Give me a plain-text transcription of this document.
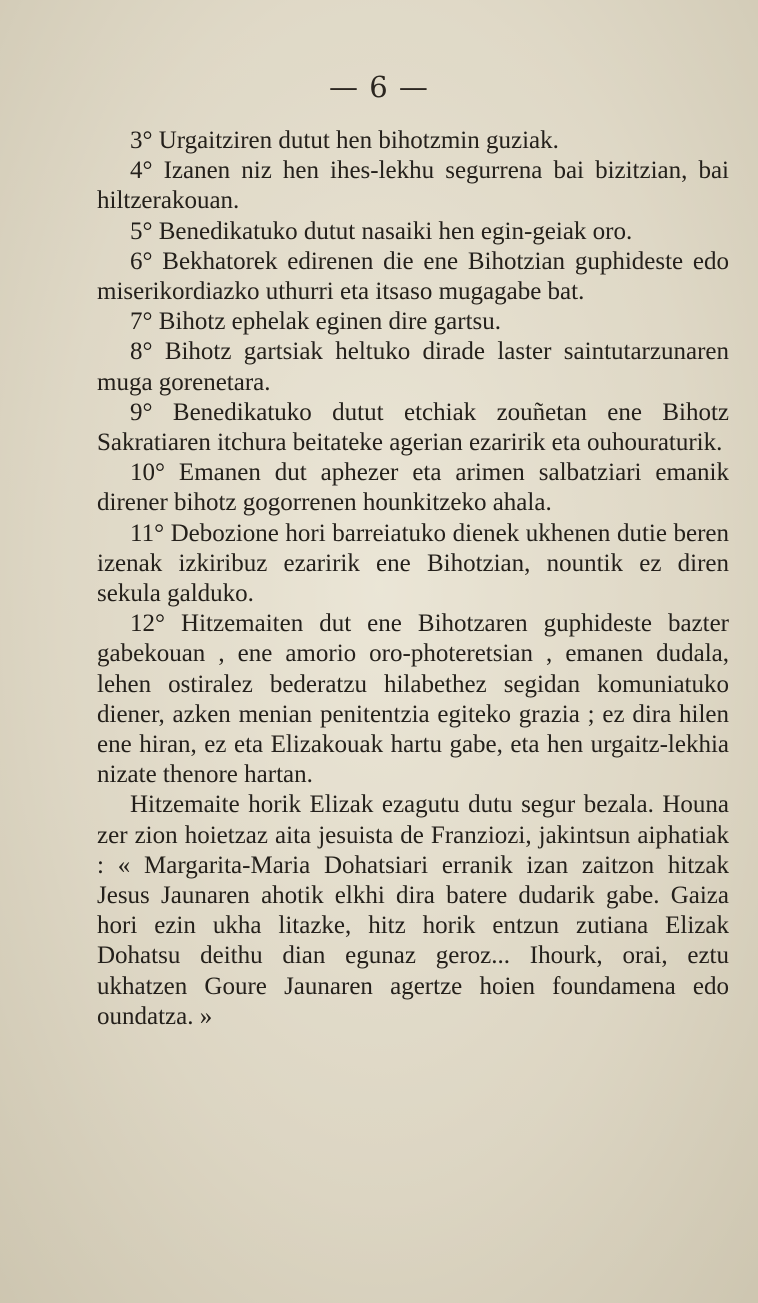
— 6 —

3° Urgaitziren dutut hen bihotzmin guziak.

4° Izanen niz hen ihes-lekhu segurrena bai bizitzian, bai hiltzerakouan.

5° Benedikatuko dutut nasaiki hen egin-geiak oro.

6° Bekhatorek edirenen die ene Bihotzian guphideste edo miserikordiazko uthurri eta itsaso mugagabe bat.

7° Bihotz ephelak eginen dire gartsu.

8° Bihotz gartsiak heltuko dirade laster saintutarzunaren muga gorenetara.

9° Benedikatuko dutut etchiak zouñetan ene Bihotz Sakratiaren itchura beitateke agerian ezaririk eta ouhouraturik.

10° Emanen dut aphezer eta arimen salbatziari emanik direner bihotz gogorrenen hounkitzeko ahala.

11° Debozione hori barreiatuko dienek ukhenen dutie beren izenak izkiribuz ezaririk ene Bihotzian, nountik ez diren sekula galduko.

12° Hitzemaiten dut ene Bihotzaren guphideste bazter gabekouan , ene amorio oro-photeretsian , emanen dudala, lehen ostiralez bederatzu hilabethez segidan komuniatuko diener, azken menian penitentzia egiteko grazia ; ez dira hilen ene hiran, ez eta Elizakouak hartu gabe, eta hen urgaitz-lekhia nizate thenore hartan.

Hitzemaite horik Elizak ezagutu dutu segur bezala. Houna zer zion hoietzaz aita jesuista de Franziozi, jakintsun aiphatiak : « Margarita-Maria Dohatsiari erranik izan zaitzon hitzak Jesus Jaunaren ahotik elkhi dira batere dudarik gabe. Gaiza hori ezin ukha litazke, hitz horik entzun zutiana Elizak Dohatsu deithu dian egunaz geroz... Ihourk, orai, eztu ukhatzen Goure Jaunaren agertze hoien foundamena edo oundatza. »
